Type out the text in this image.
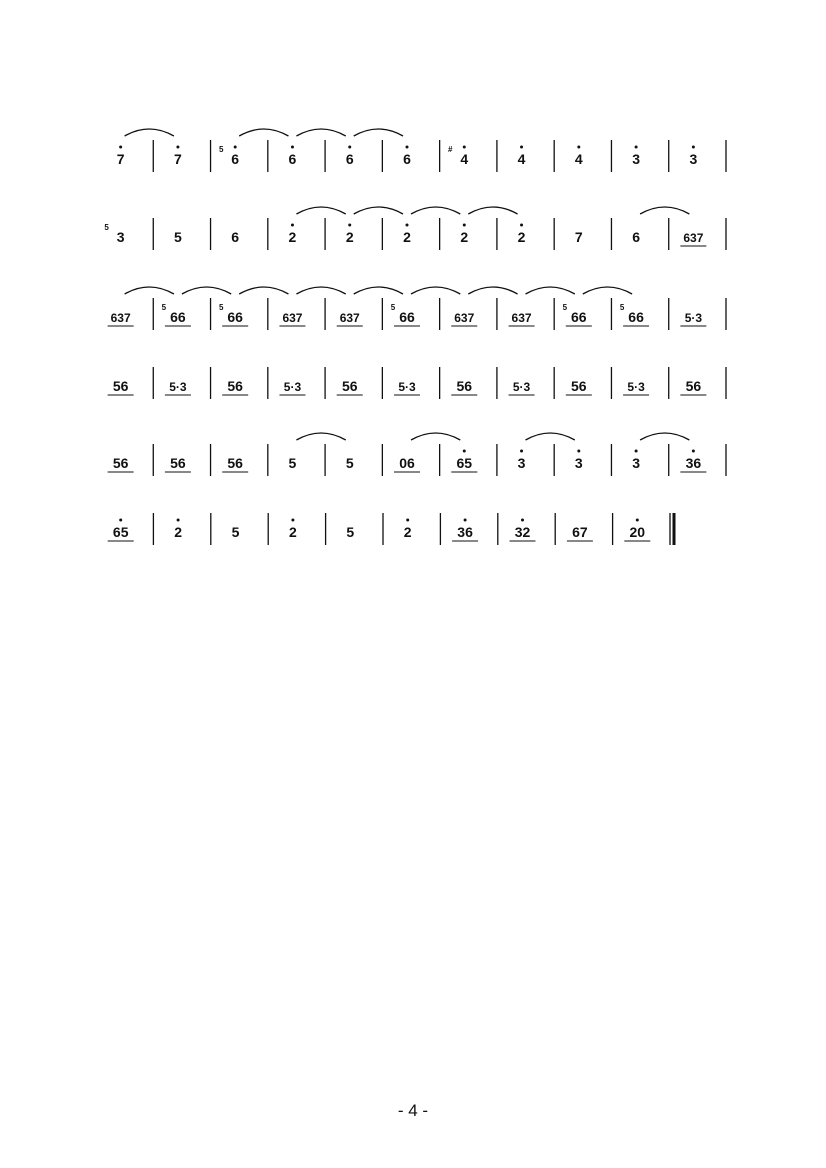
7	7	6
5
6	6	6	4
#
4	4	3	3
3
5
5	6	2	2	2	2	2	7	6	637
637	66
5
66
5
637	637	66
5
637	637	66
5
66
5
5·3
56	5·3	56	5·3	56	5·3	56	5·3	56	5·3	56
56	56	56	5	5	06	65	3	3	3	36
65	2	5	2	5	2	36	32	67	20
- 4 -
